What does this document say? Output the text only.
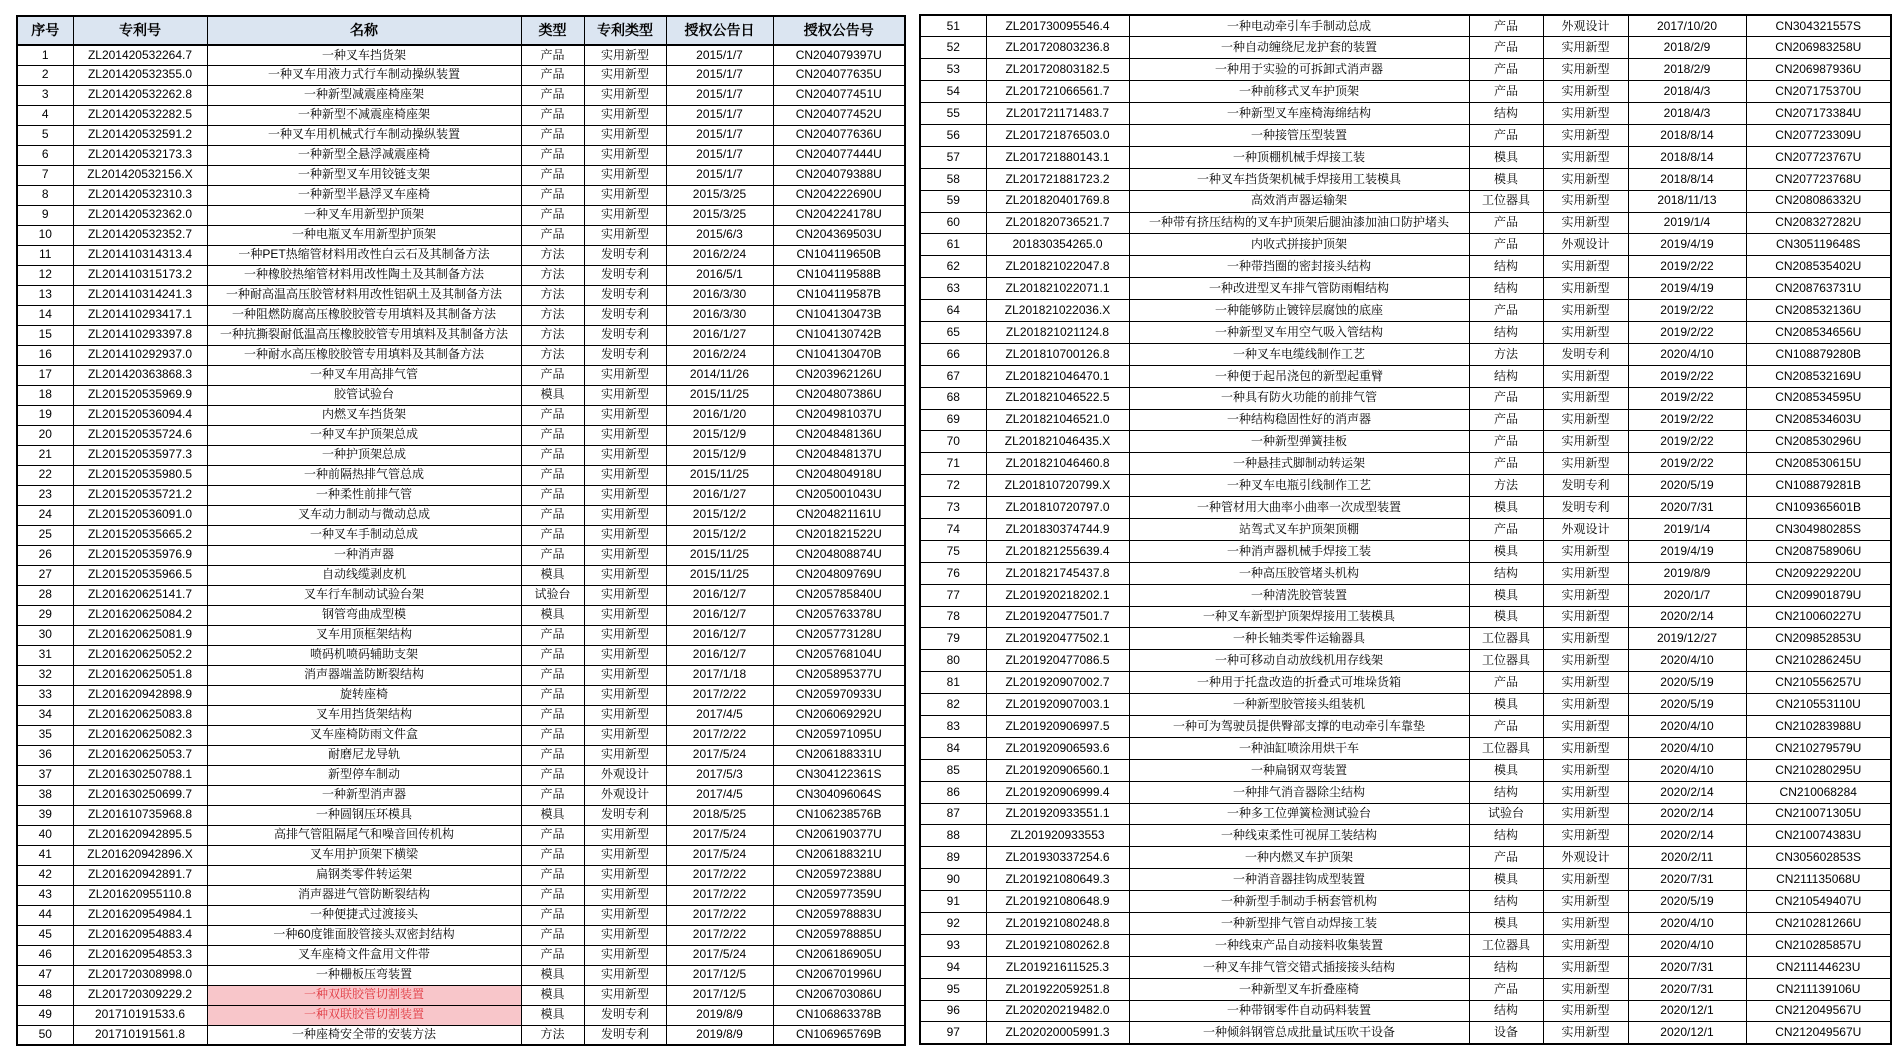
序号	专利号	名称	类型	专利类型	授权公告日	授权公告号
1	ZL201420532264.7	一种叉车挡货架	产品	实用新型	2015/1/7	CN204079397U
2	ZL201420532355.0	一种叉车用液力式行车制动操纵装置	产品	实用新型	2015/1/7	CN204077635U
3	ZL201420532262.8	一种新型减震座椅座架	产品	实用新型	2015/1/7	CN204077451U
4	ZL201420532282.5	一种新型不减震座椅座架	产品	实用新型	2015/1/7	CN204077452U
5	ZL201420532591.2	一种叉车用机械式行车制动操纵装置	产品	实用新型	2015/1/7	CN204077636U
6	ZL201420532173.3	一种新型全悬浮减震座椅	产品	实用新型	2015/1/7	CN204077444U
7	ZL201420532156.X	一种新型叉车用铰链支架	产品	实用新型	2015/1/7	CN204079388U
8	ZL201420532310.3	一种新型半悬浮叉车座椅	产品	实用新型	2015/3/25	CN204222690U
9	ZL201420532362.0	一种叉车用新型护顶架	产品	实用新型	2015/3/25	CN204224178U
10	ZL201420532352.7	一种电瓶叉车用新型护顶架	产品	实用新型	2015/6/3	CN204369503U
11	ZL201410314313.4	一种PET热缩管材料用改性白云石及其制备方法	方法	发明专利	2016/2/24	CN104119650B
12	ZL201410315173.2	一种橡胶热缩管材料用改性陶土及其制备方法	方法	发明专利	2016/5/1	CN104119588B
13	ZL201410314241.3	一种耐高温高压胶管材料用改性铝矾土及其制备方法	方法	发明专利	2016/3/30	CN104119587B
14	ZL201410293417.1	一种阻燃防腐高压橡胶胶管专用填料及其制备方法	方法	发明专利	2016/3/30	CN104130473B
15	ZL201410293397.8	一种抗撕裂耐低温高压橡胶胶管专用填料及其制备方法	方法	发明专利	2016/1/27	CN104130742B
16	ZL201410292937.0	一种耐水高压橡胶胶管专用填料及其制备方法	方法	发明专利	2016/2/24	CN104130470B
17	ZL201420363868.3	一种叉车用高排气管	产品	实用新型	2014/11/26	CN203962126U
18	ZL201520535969.9	胶管试验台	模具	实用新型	2015/11/25	CN204807386U
19	ZL201520536094.4	内燃叉车挡货架	产品	实用新型	2016/1/20	CN204981037U
20	ZL201520535724.6	一种叉车护顶架总成	产品	实用新型	2015/12/9	CN204848136U
21	ZL201520535977.3	一种护顶架总成	产品	实用新型	2015/12/9	CN204848137U
22	ZL201520535980.5	一种前隔热排气管总成	产品	实用新型	2015/11/25	CN204804918U
23	ZL201520535721.2	一种柔性前排气管	产品	实用新型	2016/1/27	CN205001043U
24	ZL201520536091.0	叉车动力制动与微动总成	产品	实用新型	2015/12/2	CN204821161U
25	ZL201520535665.2	一种叉车手制动总成	产品	实用新型	2015/12/2	CN201821522U
26	ZL201520535976.9	一种消声器	产品	实用新型	2015/11/25	CN204808874U
27	ZL201520535966.5	自动线缆剥皮机	模具	实用新型	2015/11/25	CN204809769U
28	ZL201620625141.7	叉车行车制动试验台架	试验台	实用新型	2016/12/7	CN205785840U
29	ZL201620625084.2	钢管弯曲成型模	模具	实用新型	2016/12/7	CN205763378U
30	ZL201620625081.9	叉车用顶框架结构	产品	实用新型	2016/12/7	CN205773128U
31	ZL201620625052.2	喷码机喷码辅助支架	产品	实用新型	2016/12/7	CN205768104U
32	ZL201620625051.8	消声器端盖防断裂结构	产品	实用新型	2017/1/18	CN205895377U
33	ZL201620942898.9	旋转座椅	产品	实用新型	2017/2/22	CN205970933U
34	ZL201620625083.8	叉车用挡货架结构	产品	实用新型	2017/4/5	CN206069292U
35	ZL201620625082.3	叉车座椅防雨文件盒	产品	实用新型	2017/2/22	CN205971095U
36	ZL201620625053.7	耐磨尼龙导轨	产品	实用新型	2017/5/24	CN206188331U
37	ZL201630250788.1	新型停车制动	产品	外观设计	2017/5/3	CN304122361S
38	ZL201630250699.7	一种新型消声器	产品	外观设计	2017/4/5	CN304096064S
39	ZL201610735968.8	一种圆钢压环模具	模具	发明专利	2018/5/25	CN106238576B
40	ZL201620942895.5	高排气管阻隔尾气和噪音回传机构	产品	实用新型	2017/5/24	CN206190377U
41	ZL201620942896.X	叉车用护顶架下横梁	产品	实用新型	2017/5/24	CN206188321U
42	ZL201620942891.7	扁钢类零件转运架	产品	实用新型	2017/2/22	CN205972388U
43	ZL201620955110.8	消声器进气管防断裂结构	产品	实用新型	2017/2/22	CN205977359U
44	ZL201620954984.1	一种便捷式过渡接头	产品	实用新型	2017/2/22	CN205978883U
45	ZL201620954883.4	一种60度锥面胶管接头双密封结构	产品	实用新型	2017/2/22	CN205978885U
46	ZL201620954853.3	叉车座椅文件盒用文件带	产品	实用新型	2017/5/24	CN206186905U
47	ZL201720308998.0	一种栅板压弯装置	模具	实用新型	2017/12/5	CN206701996U
48	ZL201720309229.2	一种双联胶管切割装置	模具	实用新型	2017/12/5	CN206703086U
49	201710191533.6	一种双联胶管切割装置	模具	发明专利	2019/8/9	CN106863378B
50	201710191561.8	一种座椅安全带的安装方法	方法	发明专利	2019/8/9	CN106965769B
51	ZL201730095546.4	一种电动牵引车手制动总成	产品	外观设计	2017/10/20	CN304321557S
52	ZL201720803236.8	一种自动缠绕尼龙护套的装置	产品	实用新型	2018/2/9	CN206983258U
53	ZL201720803182.5	一种用于实验的可拆卸式消声器	产品	实用新型	2018/2/9	CN206987936U
54	ZL201721066561.7	一种前移式叉车护顶架	产品	实用新型	2018/4/3	CN207175370U
55	ZL201721171483.7	一种新型叉车座椅海绵结构	结构	实用新型	2018/4/3	CN207173384U
56	ZL201721876503.0	一种接管压型装置	产品	实用新型	2018/8/14	CN207723309U
57	ZL201721880143.1	一种顶棚机械手焊接工装	模具	实用新型	2018/8/14	CN207723767U
58	ZL201721881723.2	一种叉车挡货架机械手焊接用工装模具	模具	实用新型	2018/8/14	CN207723768U
59	ZL201820401769.8	高效消声器运输架	工位器具	实用新型	2018/11/13	CN208086332U
60	ZL201820736521.7	一种带有挤压结构的叉车护顶架后腿油漆加油口防护堵头	产品	实用新型	2019/1/4	CN208327282U
61	201830354265.0	内收式拼接护顶架	产品	外观设计	2019/4/19	CN305119648S
62	ZL201821022047.8	一种带挡圈的密封接头结构	结构	实用新型	2019/2/22	CN208535402U
63	ZL201821022071.1	一种改进型叉车排气管防雨帽结构	结构	实用新型	2019/4/19	CN208763731U
64	ZL201821022036.X	一种能够防止镀锌层腐蚀的底座	产品	实用新型	2019/2/22	CN208532136U
65	ZL201821021124.8	一种新型叉车用空气吸入管结构	结构	实用新型	2019/2/22	CN208534656U
66	ZL201810700126.8	一种叉车电缆线制作工艺	方法	发明专利	2020/4/10	CN108879280B
67	ZL201821046470.1	一种便于起吊浇包的新型起重臂	结构	实用新型	2019/2/22	CN208532169U
68	ZL201821046522.5	一种具有防火功能的前排气管	产品	实用新型	2019/2/22	CN208534595U
69	ZL201821046521.0	一种结构稳固性好的消声器	产品	实用新型	2019/2/22	CN208534603U
70	ZL201821046435.X	一种新型弹簧挂板	产品	实用新型	2019/2/22	CN208530296U
71	ZL201821046460.8	一种悬挂式脚制动转运架	产品	实用新型	2019/2/22	CN208530615U
72	ZL201810720799.X	一种叉车电瓶引线制作工艺	方法	发明专利	2020/5/19	CN108879281B
73	ZL201810720797.0	一种管材用大曲率小曲率一次成型装置	模具	发明专利	2020/7/31	CN109365601B
74	ZL201830374744.9	站驾式叉车护顶架顶棚	产品	外观设计	2019/1/4	CN304980285S
75	ZL201821255639.4	一种消声器机械手焊接工装	模具	实用新型	2019/4/19	CN208758906U
76	ZL201821745437.8	一种高压胶管堵头机构	结构	实用新型	2019/8/9	CN209229220U
77	ZL201920218202.1	一种清洗胶管装置	模具	实用新型	2020/1/7	CN209901879U
78	ZL201920477501.7	一种叉车新型护顶架焊接用工装模具	模具	实用新型	2020/2/14	CN210060227U
79	ZL201920477502.1	一种长轴类零件运输器具	工位器具	实用新型	2019/12/27	CN209852853U
80	ZL201920477086.5	一种可移动自动放线机用存线架	工位器具	实用新型	2020/4/10	CN210286245U
81	ZL201920907002.7	一种用于托盘改造的折叠式可堆垛货箱	产品	实用新型	2020/5/19	CN210556257U
82	ZL201920907003.1	一种新型胶管接头组装机	模具	实用新型	2020/5/19	CN210553110U
83	ZL201920906997.5	一种可为驾驶员提供臀部支撑的电动牵引车靠垫	产品	实用新型	2020/4/10	CN210283988U
84	ZL201920906593.6	一种油缸喷涂用烘干车	工位器具	实用新型	2020/4/10	CN210279579U
85	ZL201920906560.1	一种扁钢双弯装置	模具	实用新型	2020/4/10	CN210280295U
86	ZL201920906999.4	一种排气消音器除尘结构	结构	实用新型	2020/2/14	CN210068284
87	ZL201920933551.1	一种多工位弹簧检测试验台	试验台	实用新型	2020/2/14	CN210071305U
88	ZL201920933553	一种线束柔性可视屏工装结构	结构	实用新型	2020/2/14	CN210074383U
89	ZL201930337254.6	一种内燃叉车护顶架	产品	外观设计	2020/2/11	CN305602853S
90	ZL201921080649.3	一种消音器挂钩成型装置	模具	实用新型	2020/7/31	CN211135068U
91	ZL201921080648.9	一种新型手制动手柄套管机构	结构	实用新型	2020/5/19	CN210549407U
92	ZL201921080248.8	一种新型排气管自动焊接工装	模具	实用新型	2020/4/10	CN210281266U
93	ZL201921080262.8	一种线束产品自动接料收集装置	工位器具	实用新型	2020/4/10	CN210285857U
94	ZL201921611525.3	一种叉车排气管交错式插接接头结构	结构	实用新型	2020/7/31	CN211144623U
95	ZL201922059251.8	一种新型叉车折叠座椅	产品	实用新型	2020/7/31	CN211139106U
96	ZL202020219482.0	一种带钢零件自动码料装置	结构	实用新型	2020/12/1	CN212049567U
97	ZL202020005991.3	一种倾斜钢管总成批量试压吹干设备	设备	实用新型	2020/12/1	CN212049567U
